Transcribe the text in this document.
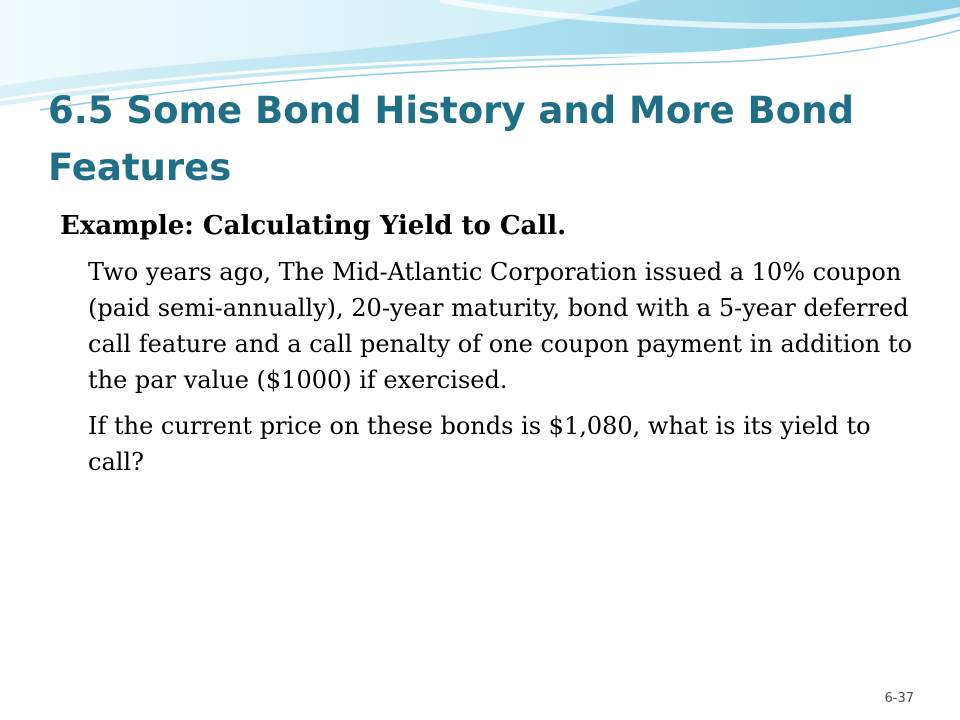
6.5 Some Bond History and More Bond Features

Example: Calculating Yield to Call.

Two years ago, The Mid-Atlantic Corporation issued a 10% coupon (paid semi-annually), 20-year maturity, bond with a 5-year deferred call feature and a call penalty of one coupon payment in addition to the par value ($1000) if exercised.

If the current price on these bonds is $1,080, what is its yield to call?

6-37
